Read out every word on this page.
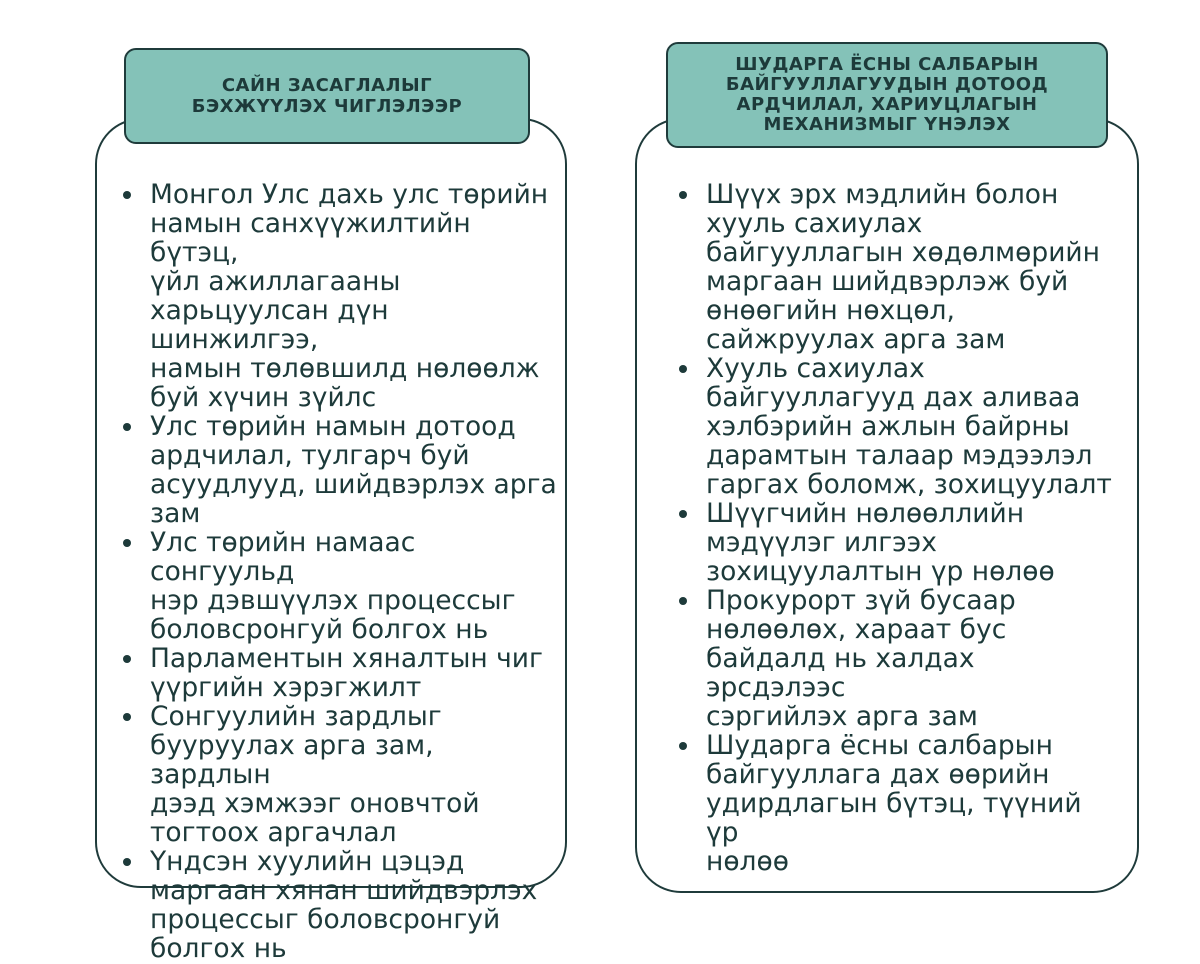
САЙН ЗАСАГЛАЛЫГ
БЭХЖҮҮЛЭХ ЧИГЛЭЛЭЭР
ШУДАРГА ЁСНЫ САЛБАРЫН
БАЙГУУЛЛАГУУДЫН ДОТООД
АРДЧИЛАЛ, ХАРИУЦЛАГЫН
МЕХАНИЗМЫГ ҮНЭЛЭХ
Монгол Улс дахь улс төрийн
намын санхүүжилтийн бүтэц,
үйл ажиллагааны
харьцуулсан дүн шинжилгээ,
намын төлөвшилд нөлөөлж
буй хүчин зүйлс
Улс төрийн намын дотоод
ардчилал, тулгарч буй
асуудлууд, шийдвэрлэх арга
зам
Улс төрийн намаас сонгуульд
нэр дэвшүүлэх процессыг
боловсронгуй болгох нь
Парламентын хяналтын чиг
үүргийн хэрэгжилт
Сонгуулийн зардлыг
бууруулах арга зам, зардлын
дээд хэмжээг оновчтой
тогтоох аргачлал
Үндсэн хуулийн цэцэд
маргаан хянан шийдвэрлэх
процессыг боловсронгуй
болгох нь
Шүүх эрх мэдлийн болон
хууль сахиулах
байгууллагын хөдөлмөрийн
маргаан шийдвэрлэж буй
өнөөгийн нөхцөл,
сайжруулах арга зам
Хууль сахиулах
байгууллагууд дах аливаа
хэлбэрийн ажлын байрны
дарамтын талаар мэдээлэл
гаргах боломж, зохицуулалт
Шүүгчийн нөлөөллийн
мэдүүлэг илгээх
зохицуулалтын үр нөлөө
Прокурорт зүй бусаар
нөлөөлөх, хараат бус
байдалд нь халдах эрсдэлээс
сэргийлэх арга зам
Шударга ёсны салбарын
байгууллага дах өөрийн
удирдлагын бүтэц, түүний үр
нөлөө
